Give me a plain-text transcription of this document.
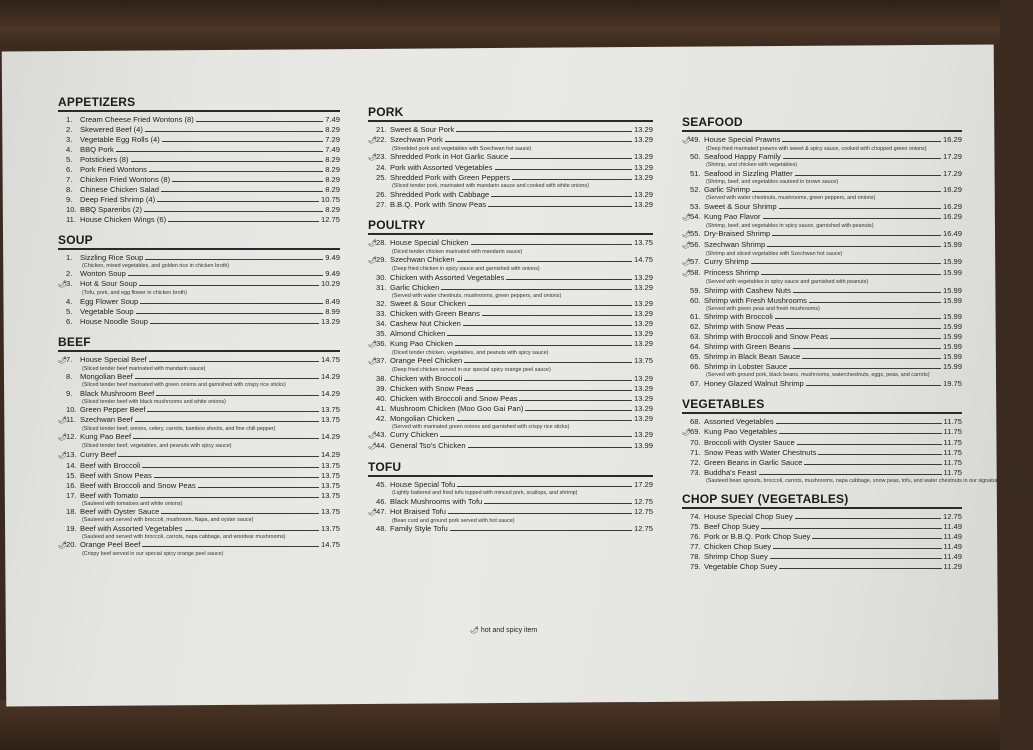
APPETIZERS
1.	Cream Cheese Fried Wontons (8)	7.49
2.	Skewered Beef (4)	8.29
3.	Vegetable Egg Rolls (4)	7.29
4.	BBQ Pork	7.49
5.	Potstickers (8)	8.29
6.	Pork Fried Wontons	8.29
7.	Chicken Fried Wontons (8)	8.29
8.	Chinese Chicken Salad	8.29
9.	Deep Fried Shrimp (4)	10.75
10. BBQ Spareribs (2)	8.29
11. House Chicken Wings (6)	12.75
SOUP
1.	Sizzling Rice Soup	9.49
(Chicken, mixed vegetables, and golden rice in chicken broth)
2.	Wonton Soup	9.49
🌶 3.	Hot & Sour Soup	10.29
(Tofu, pork, and egg flower in chicken broth)
4.	Egg Flower Soup	8.49
5.	Vegetable Soup	8.99
6.	House Noodle Soup	13.29
BEEF
🌶 7.	House Special Beef	14.75
(Sliced tender beef marinated with mandarin sauce)
8.	Mongolian Beef	14.29
(Sliced tender beef marinated with green onions and garnished with crispy rice sticks)
9.	Black Mushroom Beef	14.29
(Sliced tender beef with black mushrooms and white onions)
10. Green Pepper Beef	13.75
🌶 11. Szechwan Beef	13.75
(Sliced tender beef, onions, celery, carrots, bamboo shoots, and fine chili pepper)
🌶 12. Kung Pao Beef	14.29
(Sliced tender beef, vegetables, and peanuts with spicy sauce)
🌶 13. Curry Beef	14.29
14. Beef with Broccoli	13.75
15. Beef with Snow Peas	13.75
16. Beef with Broccoli and Snow Peas	13.75
17. Beef with Tomato	13.75
(Sauteed with tomatoes and white onions)
18. Beef with Oyster Sauce	13.75
(Sauteed and served with broccoli, mushroom, Napa, and oyster sauce)
19. Beef with Assorted Vegetables	13.75
(Sauteed and served with broccoli, carrots, napa cabbage, and woodear mushrooms)
🌶 20. Orange Peel Beef	14.75
(Crispy beef served in our special spicy orange peel sauce)
PORK
21. Sweet & Sour Pork	13.29
🌶 22. Szechwan Pork	13.29
(Shredded pork and vegetables with Szechwan hot sauce)
🌶 23. Shredded Pork in Hot Garlic Sauce	13.29
24. Pork with Assorted Vegetables	13.29
25. Shredded Pork with Green Peppers	13.29
(Sliced tender pork, marinated with mandarin sauce and cooked with white onions)
26. Shredded Pork with Cabbage	13.29
27. B.B.Q. Pork with Snow Peas	13.29
POULTRY
🌶 28. House Special Chicken	13.75
(Diced tender chicken marinated with mandarin sauce)
🌶 29. Szechwan Chicken	14.75
(Deep fried chicken in spicy sauce and garnished with onions)
30. Chicken with Assorted Vegetables	13.29
31. Garlic Chicken	13.29
(Served with water chestnuts, mushrooms, green peppers, and onions)
32. Sweet & Sour Chicken	13.29
33. Chicken with Green Beans	13.29
34. Cashew Nut Chicken	13.29
35. Almond Chicken	13.29
🌶 36. Kung Pao Chicken	13.29
(Diced tender chicken, vegetables, and peanuts with spicy sauce)
🌶 37. Orange Peel Chicken	13.75
(Deep fried chicken served in our special spicy orange peel sauce)
38. Chicken with Broccoli	13.29
39. Chicken with Snow Peas	13.29
40. Chicken with Broccoli and Snow Peas	13.29
41. Mushroom Chicken (Moo Goo Gai Pan)	13.29
42. Mongolian Chicken	13.29
(Served with marinated green onions and garnished with crispy rice sticks)
🌶 43. Curry Chicken	13.29
🌶 44. General Tso's Chicken	13.99
TOFU
45. House Special Tofu	17.29
(Lightly battered and fried tofu topped with minced pork, scallops, and shrimp)
46. Black Mushrooms with Tofu	12.75
🌶 47. Hot Braised Tofu	12.75
(Bean curd and ground pork served with hot sauce)
48. Family Style Tofu	12.75
SEAFOOD
🌶 49. House Special Prawns	16.29
(Deep fried marinated prawns with sweet & spicy sauce, cooked with chopped green onions)
50. Seafood Happy Family	17.29
(Shrimp, and chicken with vegetables)
51. Seafood in Sizzling Platter	17.29
(Shrimp, beef, and vegetables sauteed in brown sauce)
52. Garlic Shrimp	16.29
(Served with water chestnuts, mushrooms, green peppers, and onions)
53. Sweet & Sour Shrimp	16.29
🌶 54. Kung Pao Flavor	16.29
(Shrimp, beef, and vegetables in spicy sauce, garnished with peanuts)
🌶 55. Dry-Braised Shrimp	16.49
🌶 56. Szechwan Shrimp	15.99
(Shrimp and sliced vegetables with Szechwan hot sauce)
🌶 57. Curry Shrimp	15.99
🌶 58. Princess Shrimp	15.99
(Served with vegetables in spicy sauce and garnished with peanuts)
59. Shrimp with Cashew Nuts	15.99
60. Shrimp with Fresh Mushrooms	15.99
(Served with green peas and fresh mushrooms)
61. Shrimp with Broccoli	15.99
62. Shrimp with Snow Peas	15.99
63. Shrimp with Broccoli and Snow Peas	15.99
64. Shrimp with Green Beans	15.99
65. Shrimp in Black Bean Sauce	15.99
66. Shrimp in Lobster Sauce	15.99
(Served with ground pork, black beans, mushrooms, waterchestnuts, eggs, peas, and carrots)
67. Honey Glazed Walnut Shrimp	19.75
VEGETABLES
68. Assorted Vegetables	11.75
🌶 69. Kung Pao Vegetables	11.75
70. Broccoli with Oyster Sauce	11.75
71. Snow Peas with Water Chestnuts	11.75
72. Green Beans in Garlic Sauce	11.75
73. Buddha's Feast	11.75
(Sauteed bean sprouts, broccoli, carrots, mushrooms, napa cabbage, snow peas, tofu, and water chestnuts in our signature garlic sauce)
CHOP SUEY (VEGETABLES)
74. House Special Chop Suey	12.75
75. Beef Chop Suey	11.49
76. Pork or B.B.Q. Pork Chop Suey	11.49
77. Chicken Chop Suey	11.49
78. Shrimp Chop Suey	11.49
79. Vegetable Chop Suey	11.29
🌶 hot and spicy item
